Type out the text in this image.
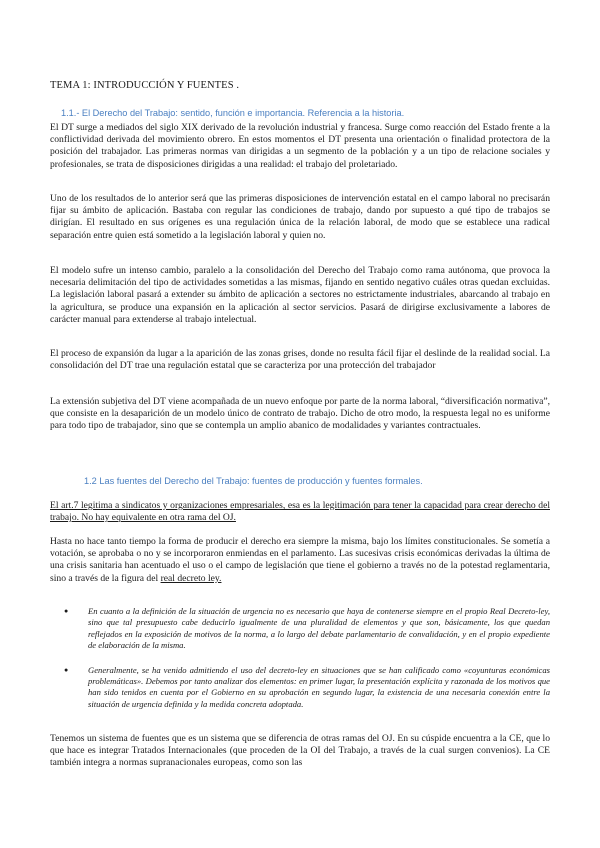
TEMA 1: INTRODUCCIÓN Y FUENTES .
1.1.- El Derecho del Trabajo: sentido, función e importancia. Referencia a la historia.

El DT surge a mediados del siglo XIX derivado de la revolución industrial y francesa. Surge como reacción del Estado frente a la conflictividad derivada del movimiento obrero. En estos momentos el DT presenta una orientación o finalidad protectora de la posición del trabajador. Las primeras normas van dirigidas a un segmento de la población y a un tipo de relacione sociales y profesionales, se trata de disposiciones dirigidas a una realidad: el trabajo del proletariado.

Uno de los resultados de lo anterior será que las primeras disposiciones de intervención estatal en el campo laboral no precisarán fijar su ámbito de aplicación. Bastaba con regular las condiciones de trabajo, dando por supuesto a qué tipo de trabajos se dirigían. El resultado en sus orígenes es una regulación única de la relación laboral, de modo que se establece una radical separación entre quien está sometido a la legislación laboral y quien no.

El modelo sufre un intenso cambio, paralelo a la consolidación del Derecho del Trabajo como rama autónoma, que provoca la necesaria delimitación del tipo de actividades sometidas a las mismas, fijando en sentido negativo cuáles otras quedan excluidas. La legislación laboral pasará a extender su ámbito de aplicación a sectores no estrictamente industriales, abarcando al trabajo en la agricultura, se produce una expansión en la aplicación al sector servicios. Pasará de dirigirse exclusivamente a labores de carácter manual para extenderse al trabajo intelectual.

El proceso de expansión da lugar a la aparición de las zonas grises, donde no resulta fácil fijar el deslinde de la realidad social. La consolidación del DT trae una regulación estatal que se caracteriza por una protección del trabajador

La extensión subjetiva del DT viene acompañada de un nuevo enfoque por parte de la norma laboral, “diversificación normativa”, que consiste en la desaparición de un modelo único de contrato de trabajo. Dicho de otro modo, la respuesta legal no es uniforme para todo tipo de trabajador, sino que se contempla un amplio abanico de modalidades y variantes contractuales.

1.2 Las fuentes del Derecho del Trabajo: fuentes de producción y fuentes formales.

El art.7 legitima a sindicatos y organizaciones empresariales, esa es la legitimación para tener la capacidad para crear derecho del trabajo. No hay equivalente en otra rama del OJ.

Hasta no hace tanto tiempo la forma de producir el derecho era siempre la misma, bajo los límites constitucionales. Se sometía a votación, se aprobaba o no y se incorporaron enmiendas en el parlamento. Las sucesivas crisis económicas derivadas la última de una crisis sanitaria han acentuado el uso o el campo de legislación que tiene el gobierno a través no de la potestad reglamentaria, sino a través de la figura del real decreto ley.

● En cuanto a la definición de la situación de urgencia no es necesario que haya de contenerse siempre en el propio Real Decreto-ley, sino que tal presupuesto cabe deducirlo igualmente de una pluralidad de elementos y que son, básicamente, los que quedan reflejados en la exposición de motivos de la norma, a lo largo del debate parlamentario de convalidación, y en el propio expediente de elaboración de la misma.
● Generalmente, se ha venido admitiendo el uso del decreto-ley en situaciones que se han calificado como «coyunturas económicas problemáticas». Debemos por tanto analizar dos elementos: en primer lugar, la presentación explícita y razonada de los motivos que han sido tenidos en cuenta por el Gobierno en su aprobación en segundo lugar, la existencia de una necesaria conexión entre la situación de urgencia definida y la medida concreta adoptada.

Tenemos un sistema de fuentes que es un sistema que se diferencia de otras ramas del OJ. En su cúspide encuentra a la CE, que lo que hace es integrar Tratados Internacionales (que proceden de la OI del Trabajo, a través de la cual surgen convenios). La CE también integra a normas supranacionales europeas, como son las
